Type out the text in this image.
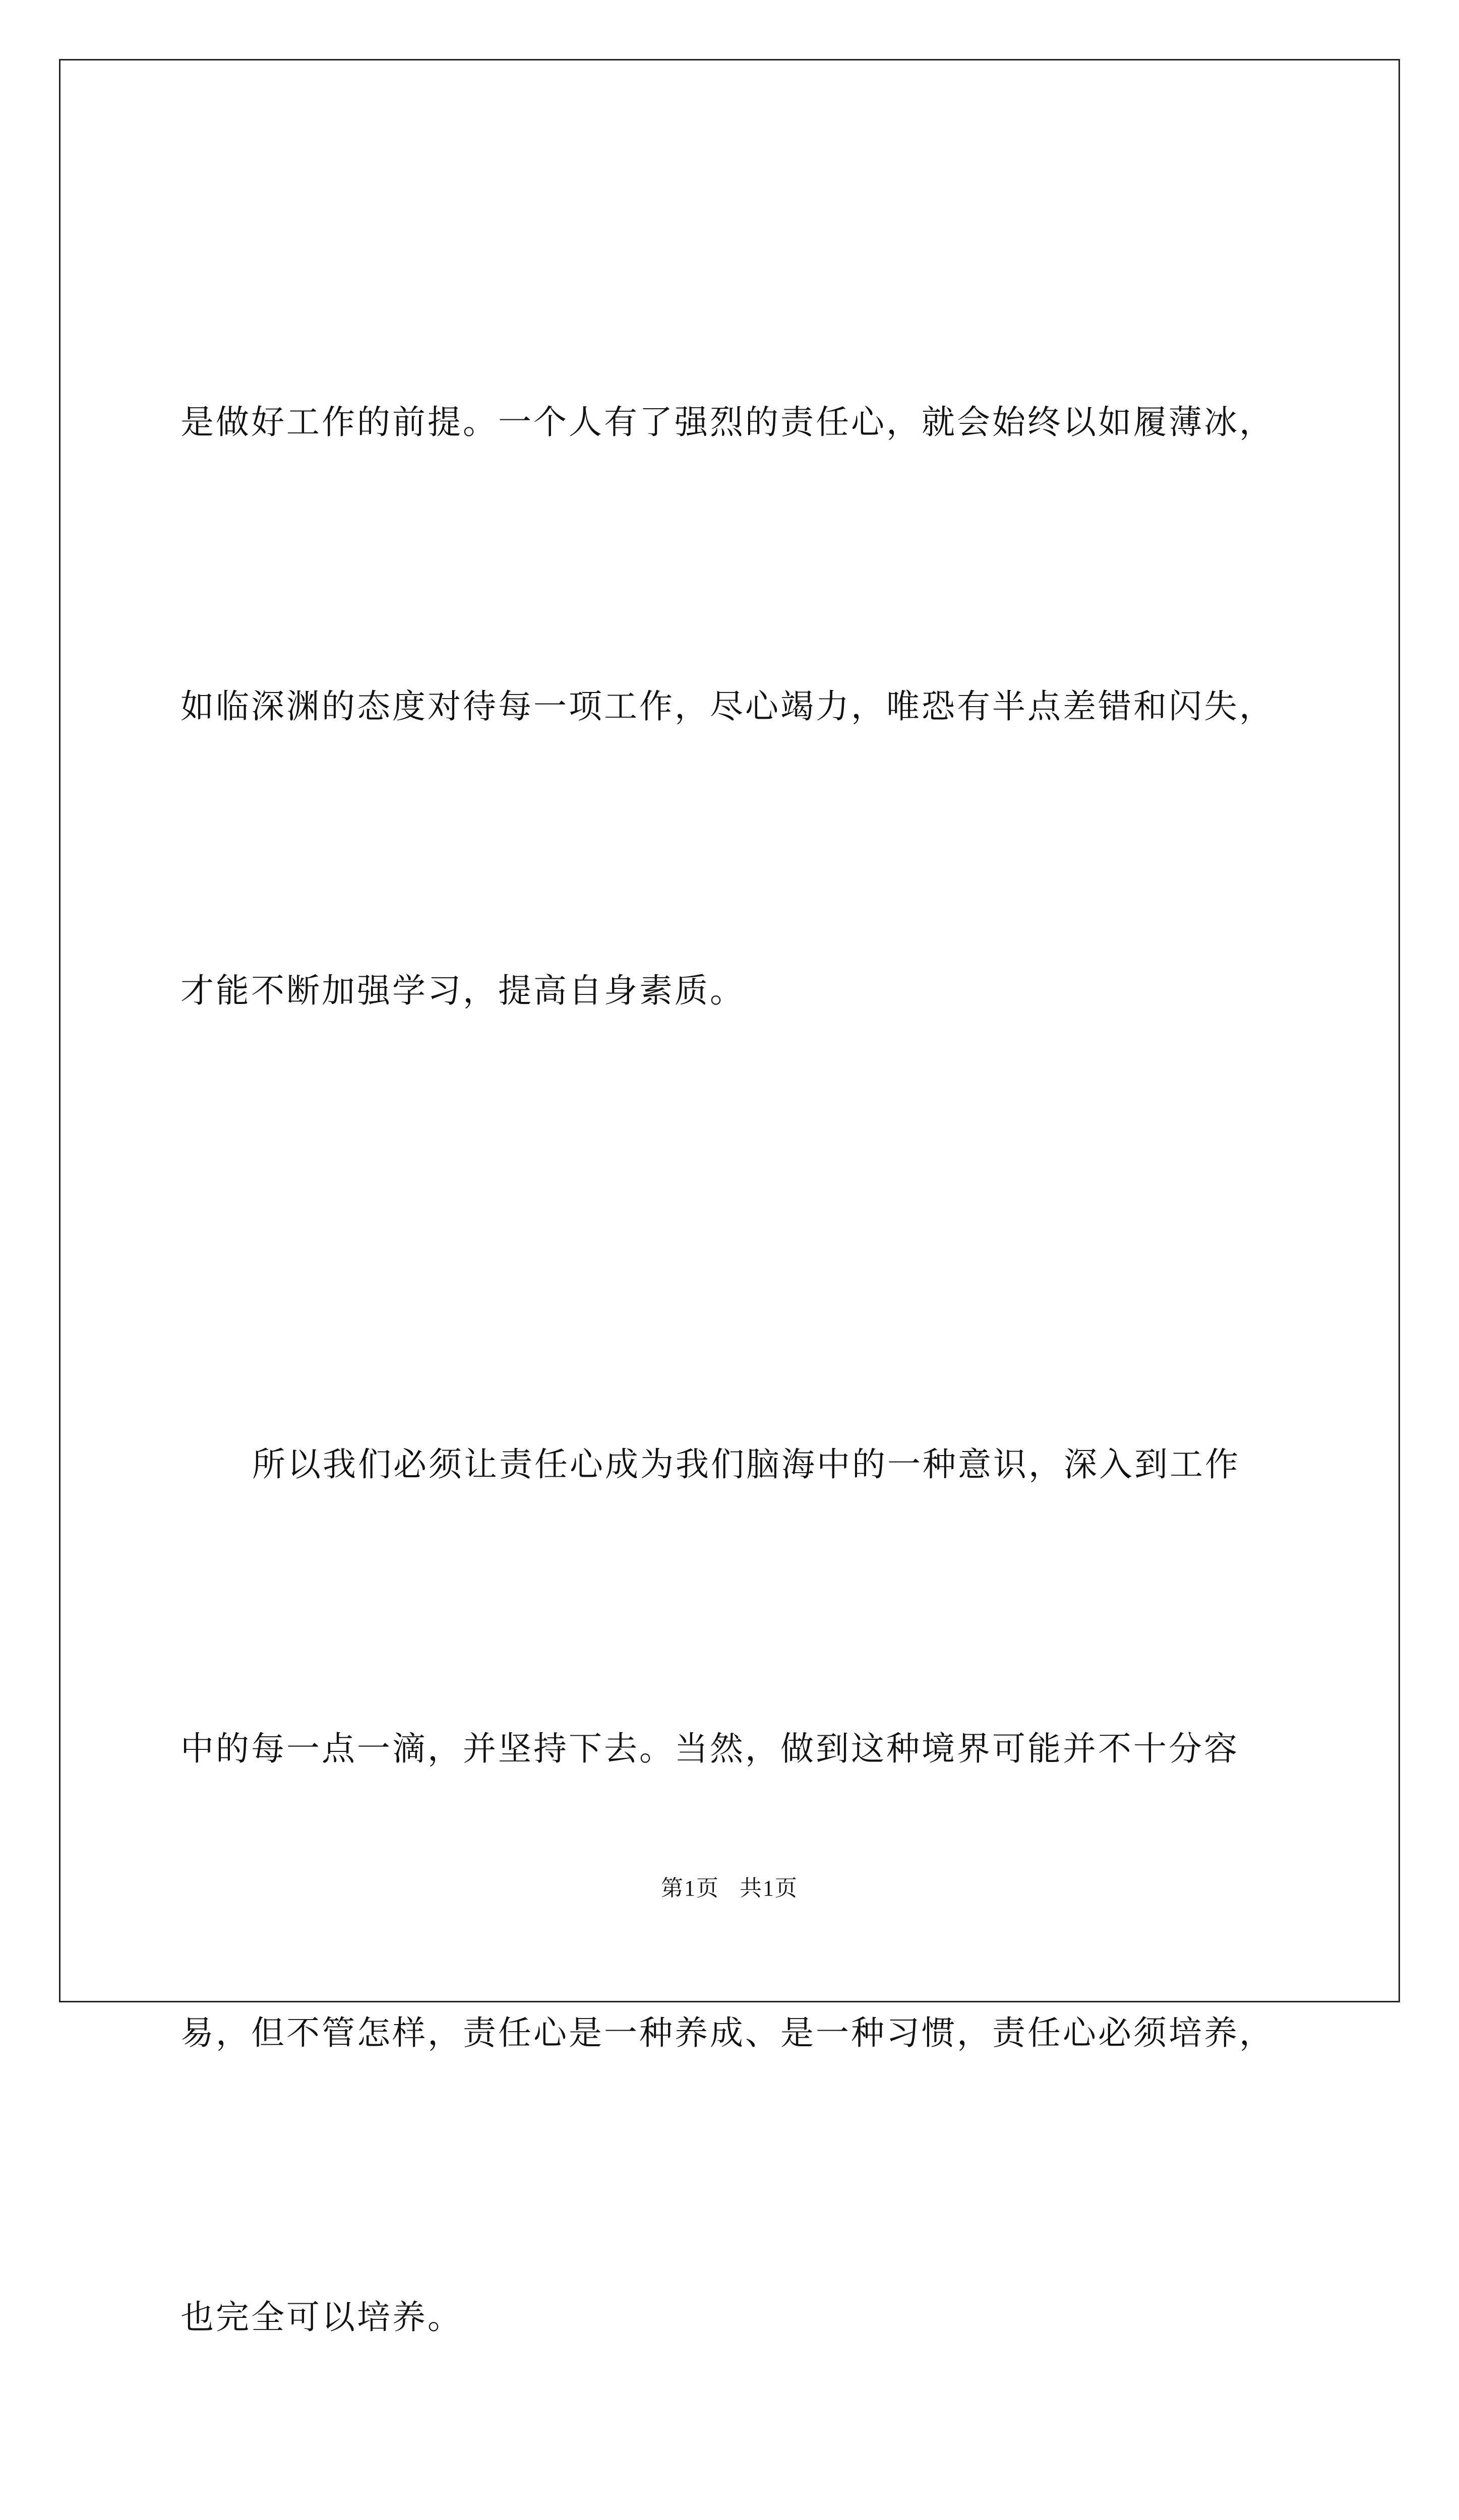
是做好工作的前提。一个人有了强烈的责任心，就会始终以如履薄冰，

如临深渊的态度对待每一项工作，尽心竭力，唯恐有半点差错和闪失，

才能不断加强学习，提高自身素质。

所以我们必须让责任心成为我们脑海中的一种意识，深入到工作

中的每一点一滴，并坚持下去。当然，做到这种境界可能并不十分容

易，但不管怎样，责任心是一种养成、是一种习惯，责任心必须培养，

也完全可以培养。

第1页 共1页
